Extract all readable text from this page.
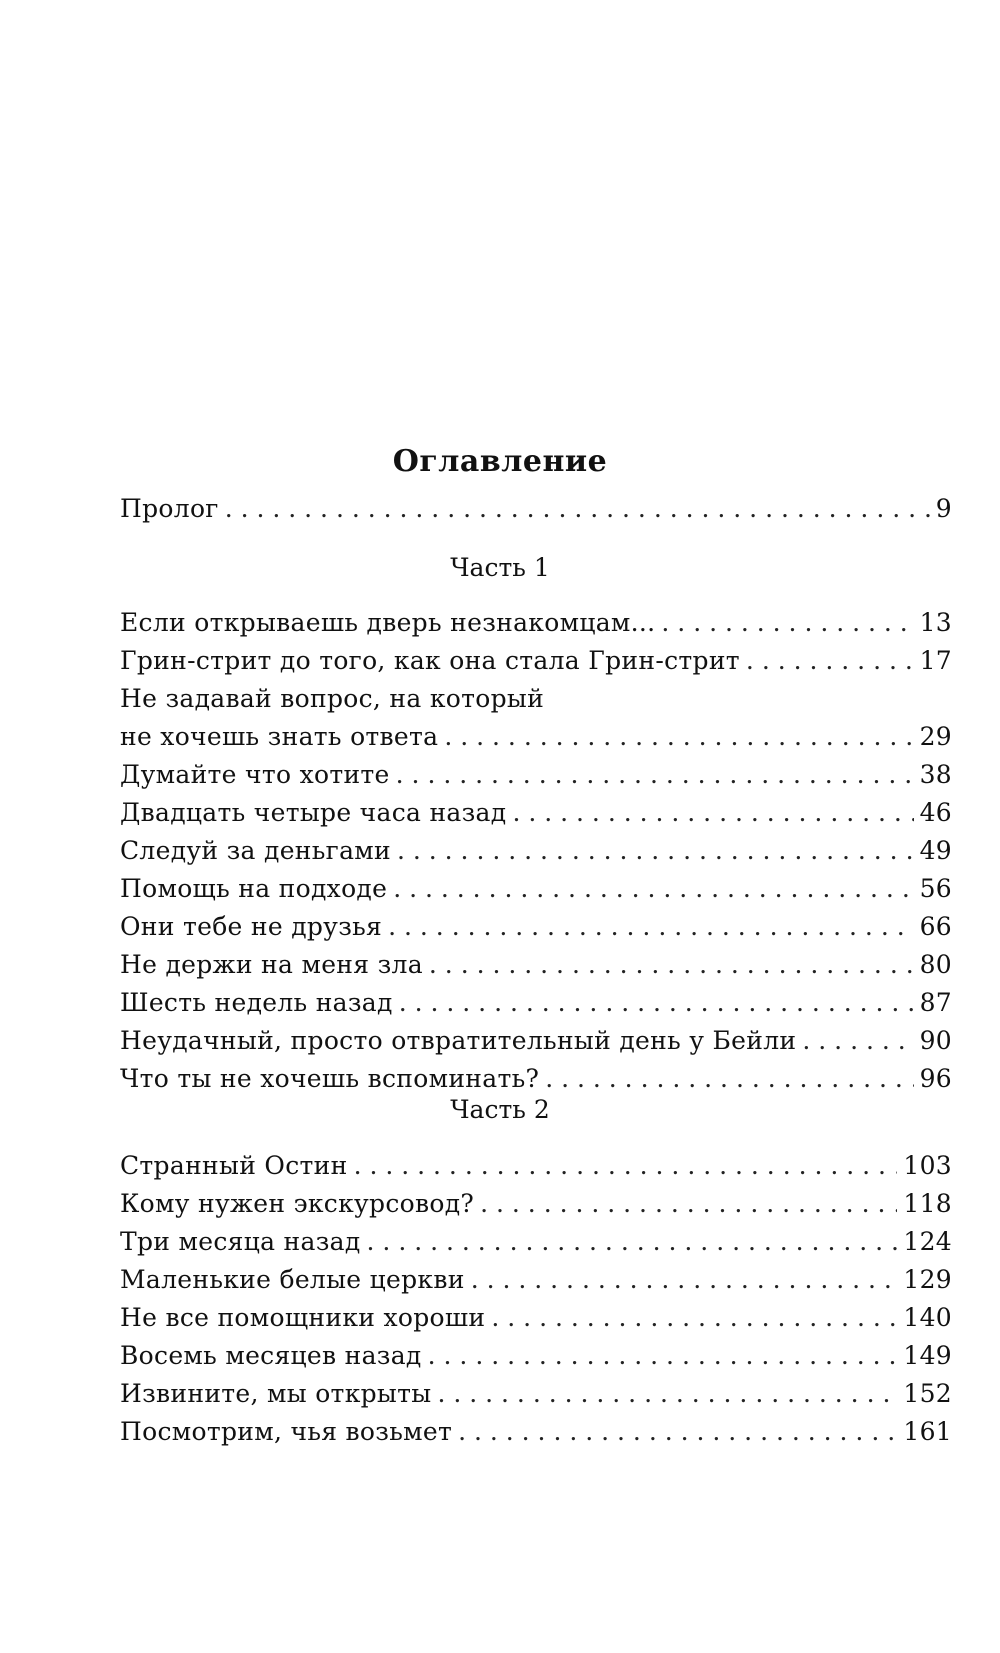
Оглавление
Пролог . . .	9
Часть 1
Если открываешь дверь незнакомцам... . . .	13
Грин-стрит до того, как она стала Грин-стрит . . .	17
Не задавай вопрос, на который
не хочешь знать ответа . . .	29
Думайте что хотите . . .	38
Двадцать четыре часа назад . . .	46
Следуй за деньгами . . .	49
Помощь на подходе . . .	56
Они тебе не друзья . . .	66
Не держи на меня зла . . .	80
Шесть недель назад . . .	87
Неудачный, просто отвратительный день у Бейли . . .	90
Что ты не хочешь вспоминать? . . .	96
Часть 2
Странный Остин . . .	103
Кому нужен экскурсовод? . . .	118
Три месяца назад . . .	124
Маленькие белые церкви . . .	129
Не все помощники хороши . . .	140
Восемь месяцев назад . . .	149
Извините, мы открыты . . .	152
Посмотрим, чья возьмет . . .	161
